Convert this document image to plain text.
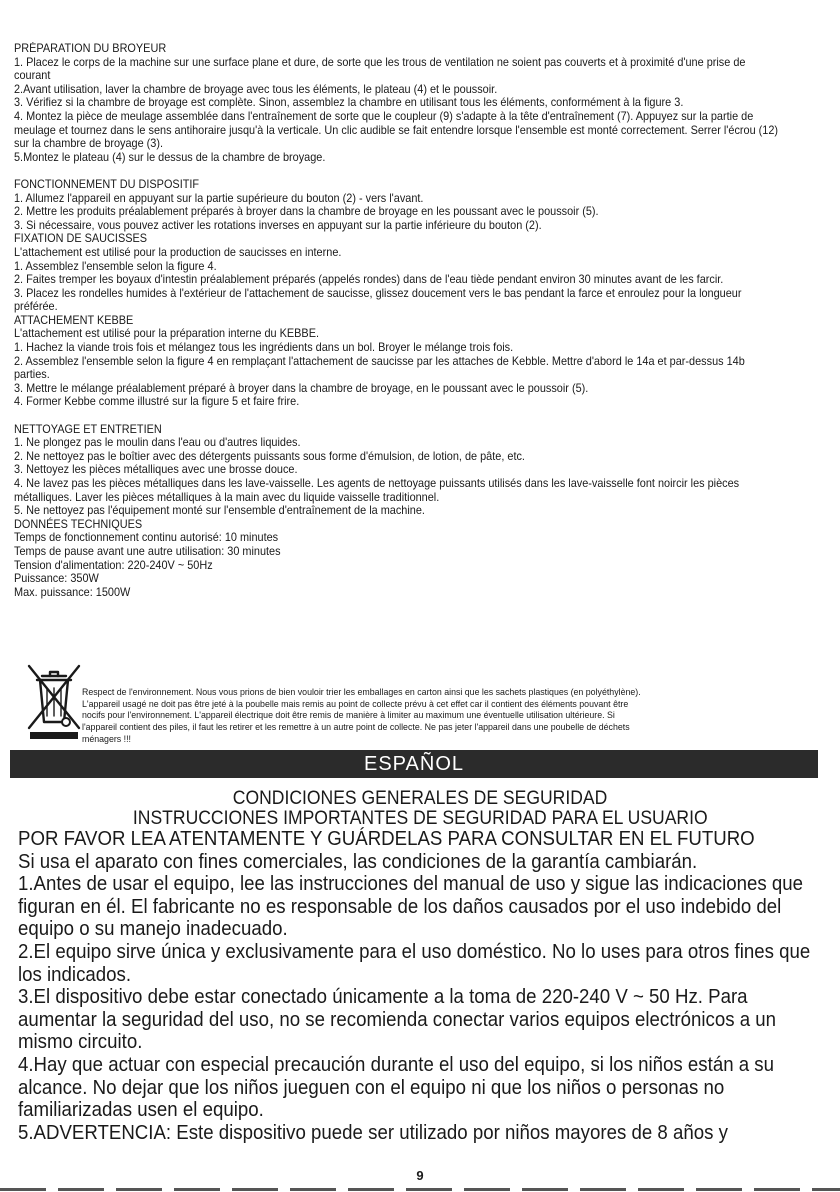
PRÉPARATION DU BROYEUR

1. Placez le corps de la machine sur une surface plane et dure, de sorte que les trous de ventilation ne soient pas couverts et à proximité d'une prise de courant

2.Avant utilisation, laver la chambre de broyage avec tous les éléments, le plateau (4) et le poussoir.

3. Vérifiez si la chambre de broyage est complète. Sinon, assemblez la chambre en utilisant tous les éléments, conformément à la figure 3.

4. Montez la pièce de meulage assemblée dans l'entraînement de sorte que le coupleur (9) s'adapte à la tête d'entraînement (7). Appuyez sur la partie de meulage et tournez dans le sens antihoraire jusqu'à la verticale. Un clic audible se fait entendre lorsque l'ensemble est monté correctement. Serrer l'écrou (12) sur la chambre de broyage (3).

5.Montez le plateau (4) sur le dessus de la chambre de broyage.

FONCTIONNEMENT DU DISPOSITIF

1. Allumez l'appareil en appuyant sur la partie supérieure du bouton (2) - vers l'avant.

2. Mettre les produits préalablement préparés à broyer dans la chambre de broyage en les poussant avec le poussoir (5).

3. Si nécessaire, vous pouvez activer les rotations inverses en appuyant sur la partie inférieure du bouton (2).

FIXATION DE SAUCISSES

L'attachement est utilisé pour la production de saucisses en interne.

1. Assemblez l'ensemble selon la figure 4.

2. Faites tremper les boyaux d'intestin préalablement préparés (appelés rondes) dans de l'eau tiède pendant environ 30 minutes avant de les farcir.

3. Placez les rondelles humides à l'extérieur de l'attachement de saucisse, glissez doucement vers le bas pendant la farce et enroulez pour la longueur préférée.

ATTACHEMENT KEBBE

L'attachement est utilisé pour la préparation interne du KEBBE.

1. Hachez la viande trois fois et mélangez tous les ingrédients dans un bol. Broyer le mélange trois fois.

2. Assemblez l'ensemble selon la figure 4 en remplaçant l'attachement de saucisse par les attaches de Kebble. Mettre d'abord le 14a et par-dessus 14b parties.

3. Mettre le mélange préalablement préparé à broyer dans la chambre de broyage, en le poussant avec le poussoir (5).

4. Former Kebbe comme illustré sur la figure 5 et faire frire.

NETTOYAGE ET ENTRETIEN

1. Ne plongez pas le moulin dans l'eau ou d'autres liquides.

2. Ne nettoyez pas le boîtier avec des détergents puissants sous forme d'émulsion, de lotion, de pâte, etc.

3. Nettoyez les pièces métalliques avec une brosse douce.

4. Ne lavez pas les pièces métalliques dans les lave-vaisselle. Les agents de nettoyage puissants utilisés dans les lave-vaisselle font noircir les pièces métalliques. Laver les pièces métalliques à la main avec du liquide vaisselle traditionnel.

5. Ne nettoyez pas l'équipement monté sur l'ensemble d'entraînement de la machine.

DONNÉES TECHNIQUES

Temps de fonctionnement continu autorisé: 10 minutes

Temps de pause avant une autre utilisation: 30 minutes

Tension d'alimentation: 220-240V ~ 50Hz

Puissance: 350W

Max. puissance: 1500W

Respect de l'environnement. Nous vous prions de bien vouloir trier les emballages en carton ainsi que les sachets plastiques (en polyéthylène).

L'appareil usagé ne doit pas être jeté à la poubelle mais remis au point de collecte prévu à cet effet car il contient des éléments pouvant être

nocifs pour l'environnement. L'appareil électrique doit être remis de manière à limiter au maximum une éventuelle utilisation ultérieure. Si

l'appareil contient des piles, il faut les retirer et les remettre à un autre point de collecte. Ne pas jeter l'appareil dans une poubelle de déchets

ménagers !!!

ESPAÑOL
CONDICIONES GENERALES DE SEGURIDAD
INSTRUCCIONES IMPORTANTES DE SEGURIDAD PARA EL USUARIO

POR FAVOR LEA ATENTAMENTE Y GUÁRDELAS PARA CONSULTAR EN EL FUTURO

Si usa el aparato con fines comerciales, las condiciones de la garantía cambiarán.

1.Antes de usar el equipo, lee las instrucciones del manual de uso y sigue las indicaciones que figuran en él. El fabricante no es responsable de los daños causados por el uso indebido del equipo o su manejo inadecuado.

2.El equipo sirve única y exclusivamente para el uso doméstico. No lo uses para otros fines que los indicados.

3.El dispositivo debe estar conectado únicamente a la toma de 220-240 V ~ 50 Hz. Para aumentar la seguridad del uso, no se recomienda conectar varios equipos electrónicos a un mismo circuito.

4.Hay que actuar con especial precaución durante el uso del equipo, si los niños están a su alcance. No dejar que los niños jueguen con el equipo ni que los niños o personas no familiarizadas usen el equipo.

5.ADVERTENCIA: Este dispositivo puede ser utilizado por niños mayores de 8 años y

9
